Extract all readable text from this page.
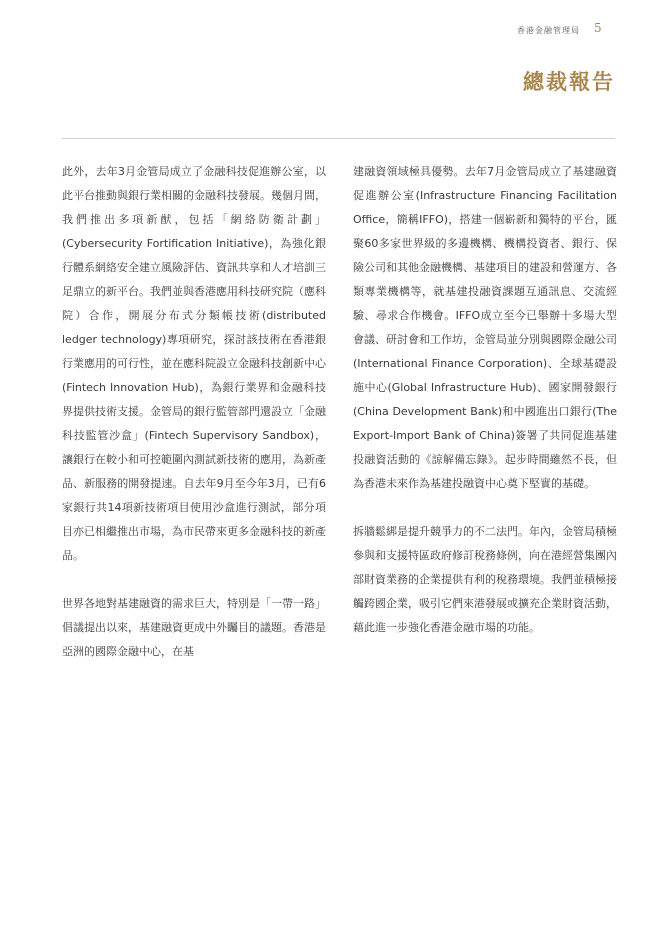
香港金融管理局 5
總裁報告

此外，去年3月金管局成立了金融科技促進辦公室，以此平台推動與銀行業相關的金融科技發展。幾個月間，我們推出多項新猷，包括「網絡防衛計劃」(Cybersecurity Fortification Initiative)，為強化銀行體系網絡安全建立風險評估、資訊共享和人才培訓三足鼎立的新平台。我們並與香港應用科技研究院（應科院）合作，開展分布式分類帳技術(distributed ledger technology)專項研究，探討該技術在香港銀行業應用的可行性，並在應科院設立金融科技創新中心(Fintech Innovation Hub)，為銀行業界和金融科技界提供技術支援。金管局的銀行監管部門還設立「金融科技監管沙盒」(Fintech Supervisory Sandbox)，讓銀行在較小和可控範圍內測試新技術的應用，為新產品、新服務的開發提速。自去年9月至今年3月，已有6家銀行共14項新技術項目使用沙盒進行測試，部分項目亦已相繼推出市場，為市民帶來更多金融科技的新產品。

世界各地對基建融資的需求巨大，特別是「一帶一路」倡議提出以來，基建融資更成中外矚目的議題。香港是亞洲的國際金融中心，在基

建融資領域極具優勢。去年7月金管局成立了基建融資促進辦公室(Infrastructure Financing Facilitation Office，簡稱IFFO)，搭建一個嶄新和獨特的平台，匯聚60多家世界級的多邊機構、機構投資者、銀行、保險公司和其他金融機構、基建項目的建設和營運方、各類專業機構等，就基建投融資課題互通訊息、交流經驗、尋求合作機會。IFFO成立至今已舉辦十多場大型會議、研討會和工作坊，金管局並分別與國際金融公司(International Finance Corporation)、全球基礎設施中心(Global Infrastructure Hub)、國家開發銀行(China Development Bank)和中國進出口銀行(The Export-Import Bank of China)簽署了共同促進基建投融資活動的《諒解備忘錄》。起步時間雖然不長，但為香港未來作為基建投融資中心奠下堅實的基礎。

拆牆鬆綁是提升競爭力的不二法門。年內，金管局積極參與和支援特區政府修訂稅務條例，向在港經營集團內部財資業務的企業提供有利的稅務環境。我們並積極接觸跨國企業，吸引它們來港發展或擴充企業財資活動，藉此進一步強化香港金融市場的功能。
